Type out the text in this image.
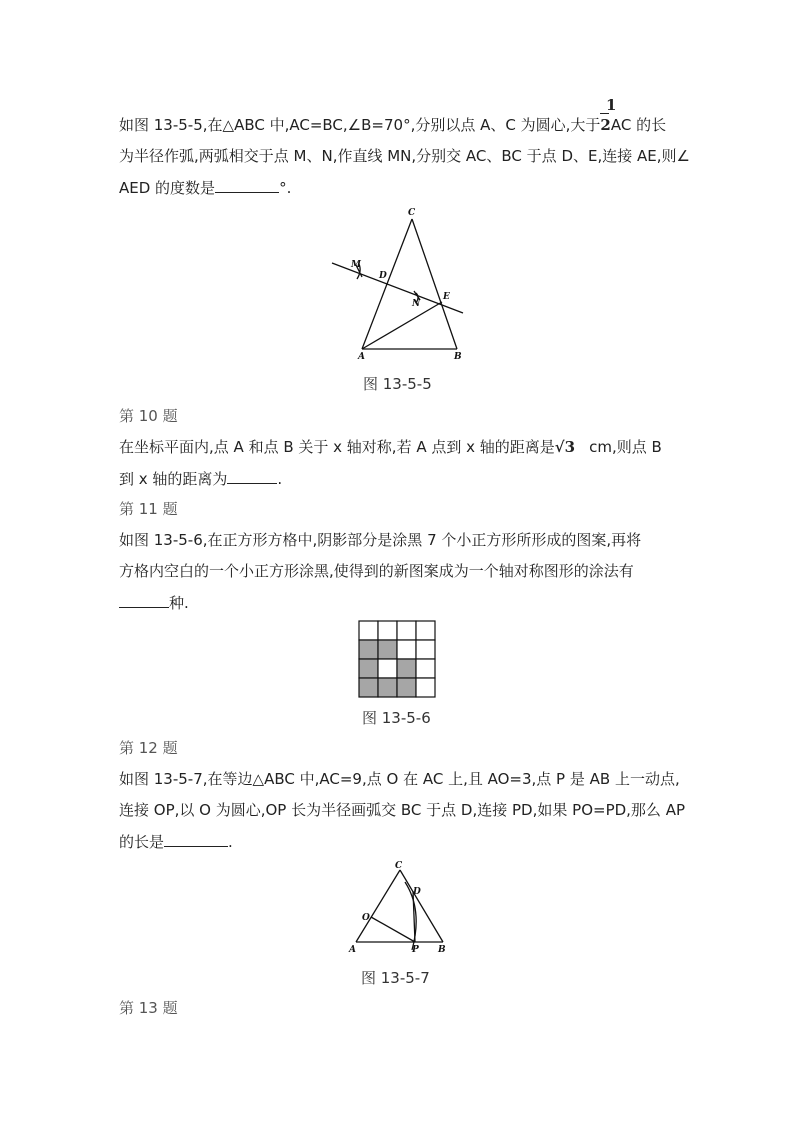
1
如图 13-5-5,在△ABC 中,AC=BC,∠B=70°,分别以点 A、C 为圆心,大于
2AC 的长
为半径作弧,两弧相交于点 M、N,作直线 MN,分别交 AC、BC 于点 D、E,连接 AE,则∠
AED 的度数是	°.
C
M
D
N
E
A	B
图 13-5-5
第 10 题
在坐标平面内,点 A 和点 B 关于 x 轴对称,若 A 点到 x 轴的距离是√3 cm,则点 B
到 x 轴的距离为	.
第 11 题
如图 13-5-6,在正方形方格中,阴影部分是涂黑 7 个小正方形所形成的图案,再将
方格内空白的一个小正方形涂黑,使得到的新图案成为一个轴对称图形的涂法有
种.
图 13-5-6
第 12 题
如图 13-5-7,在等边△ABC 中,AC=9,点 O 在 AC 上,且 AO=3,点 P 是 AB 上一动点,
连接 OP,以 O 为圆心,OP 长为半径画弧交 BC 于点 D,连接 PD,如果 PO=PD,那么 AP
的长是	.
C
D
O
A	P B
图 13-5-7
第 13 题
